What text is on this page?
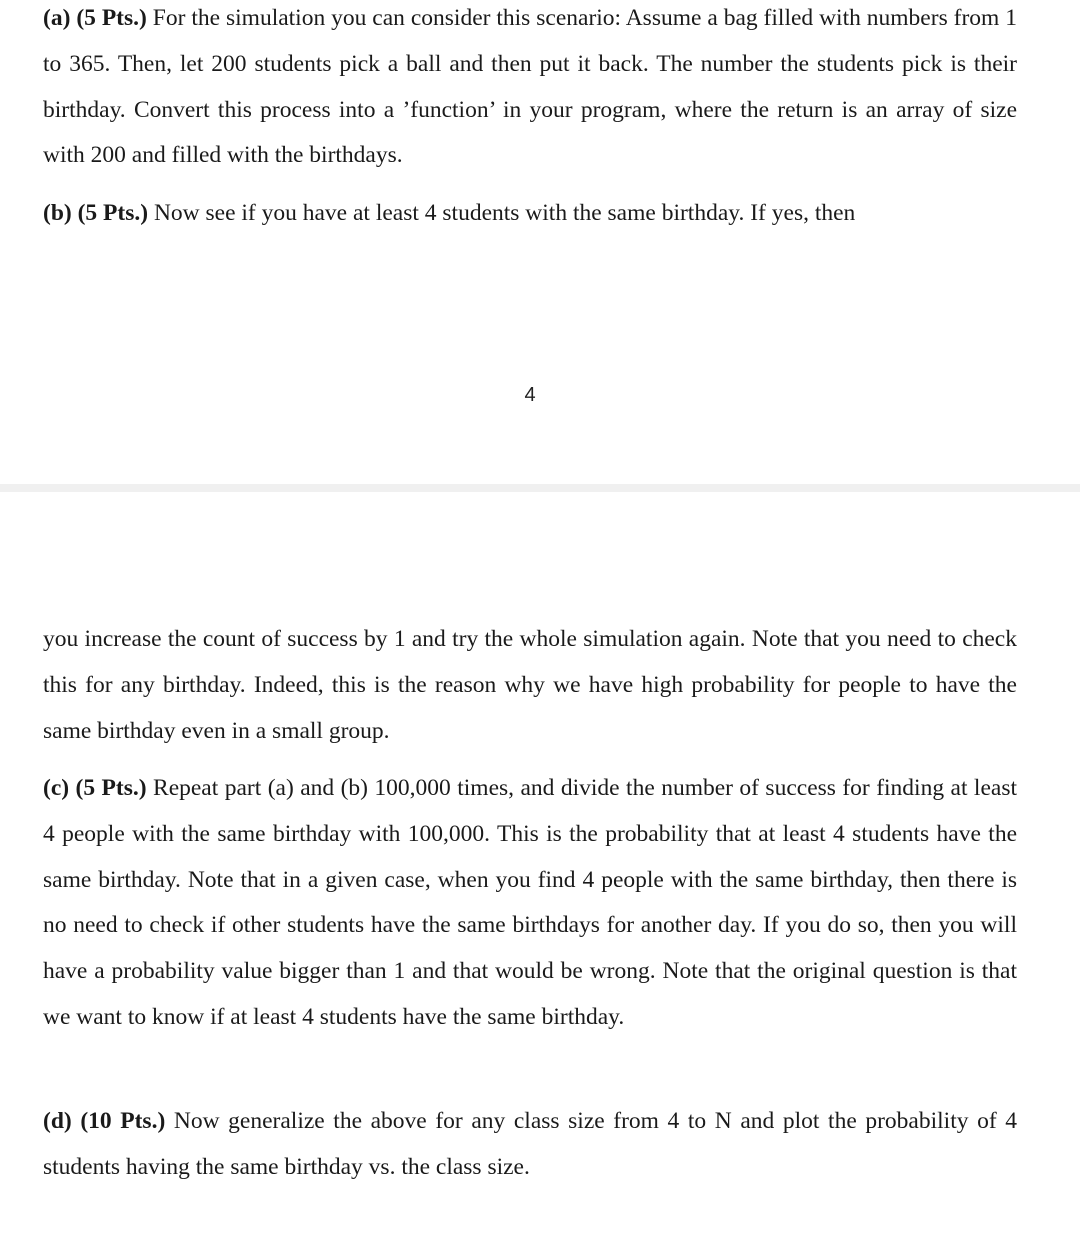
(a) (5 Pts.) For the simulation you can consider this scenario: Assume a bag filled with numbers from 1 to 365. Then, let 200 students pick a ball and then put it back. The number the students pick is their birthday. Convert this process into a ’function’ in your program, where the return is an array of size with 200 and filled with the birthdays.

(b) (5 Pts.) Now see if you have at least 4 students with the same birthday. If yes, then

4

you increase the count of success by 1 and try the whole simulation again. Note that you need to check this for any birthday. Indeed, this is the reason why we have high probability for people to have the same birthday even in a small group.

(c) (5 Pts.) Repeat part (a) and (b) 100,000 times, and divide the number of success for finding at least 4 people with the same birthday with 100,000. This is the probability that at least 4 students have the same birthday. Note that in a given case, when you find 4 people with the same birthday, then there is no need to check if other students have the same birthdays for another day. If you do so, then you will have a probability value bigger than 1 and that would be wrong. Note that the original question is that we want to know if at least 4 students have the same birthday.

(d) (10 Pts.) Now generalize the above for any class size from 4 to N and plot the probability of 4 students having the same birthday vs. the class size.
